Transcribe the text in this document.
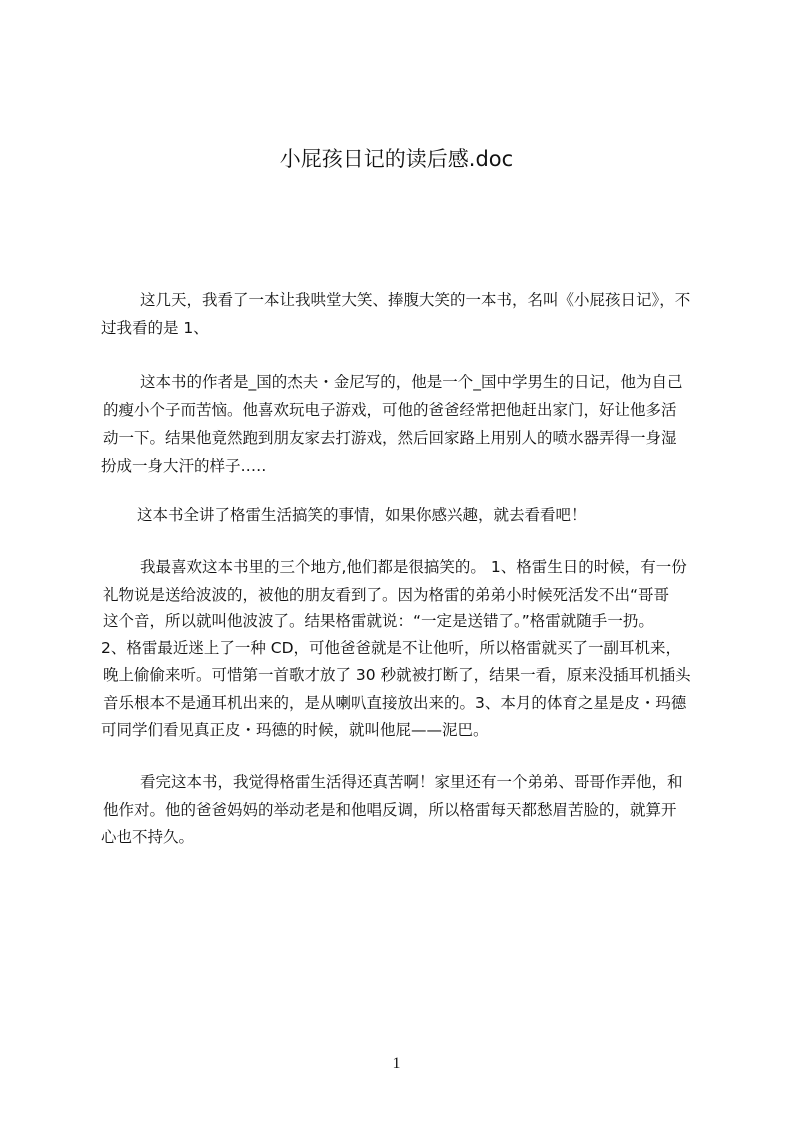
小屁孩日记的读后感.doc
这几天，我看了一本让我哄堂大笑、捧腹大笑的一本书，名叫《小屁孩日记》，不
过我看的是 1、
这本书的作者是_国的杰夫・金尼写的，他是一个_国中学男生的日记，他为自己
的瘦小个子而苦恼。他喜欢玩电子游戏，可他的爸爸经常把他赶出家门，好让他多活
动一下。结果他竟然跑到朋友家去打游戏，然后回家路上用别人的喷水器弄得一身湿
扮成一身大汗的样子‥…
这本书全讲了格雷生活搞笑的事情，如果你感兴趣，就去看看吧！
我最喜欢这本书里的三个地方,他们都是很搞笑的。 1、格雷生日的时候，有一份
礼物说是送给波波的，被他的朋友看到了。因为格雷的弟弟小时候死活发不出“哥哥
这个音，所以就叫他波波了。结果格雷就说：“一定是送错了。”格雷就随手一扔。
2、格雷最近迷上了一种 CD，可他爸爸就是不让他听，所以格雷就买了一副耳机来，
晚上偷偷来听。可惜第一首歌才放了 30 秒就被打断了，结果一看，原来没插耳机插头
音乐根本不是通耳机出来的，是从喇叭直接放出来的。3、本月的体育之星是皮・玛德
可同学们看见真正皮・玛德的时候，就叫他屁——泥巴。
看完这本书，我觉得格雷生活得还真苦啊！家里还有一个弟弟、哥哥作弄他，和
他作对。他的爸爸妈妈的举动老是和他唱反调，所以格雷每天都愁眉苦脸的，就算开
心也不持久。
1
